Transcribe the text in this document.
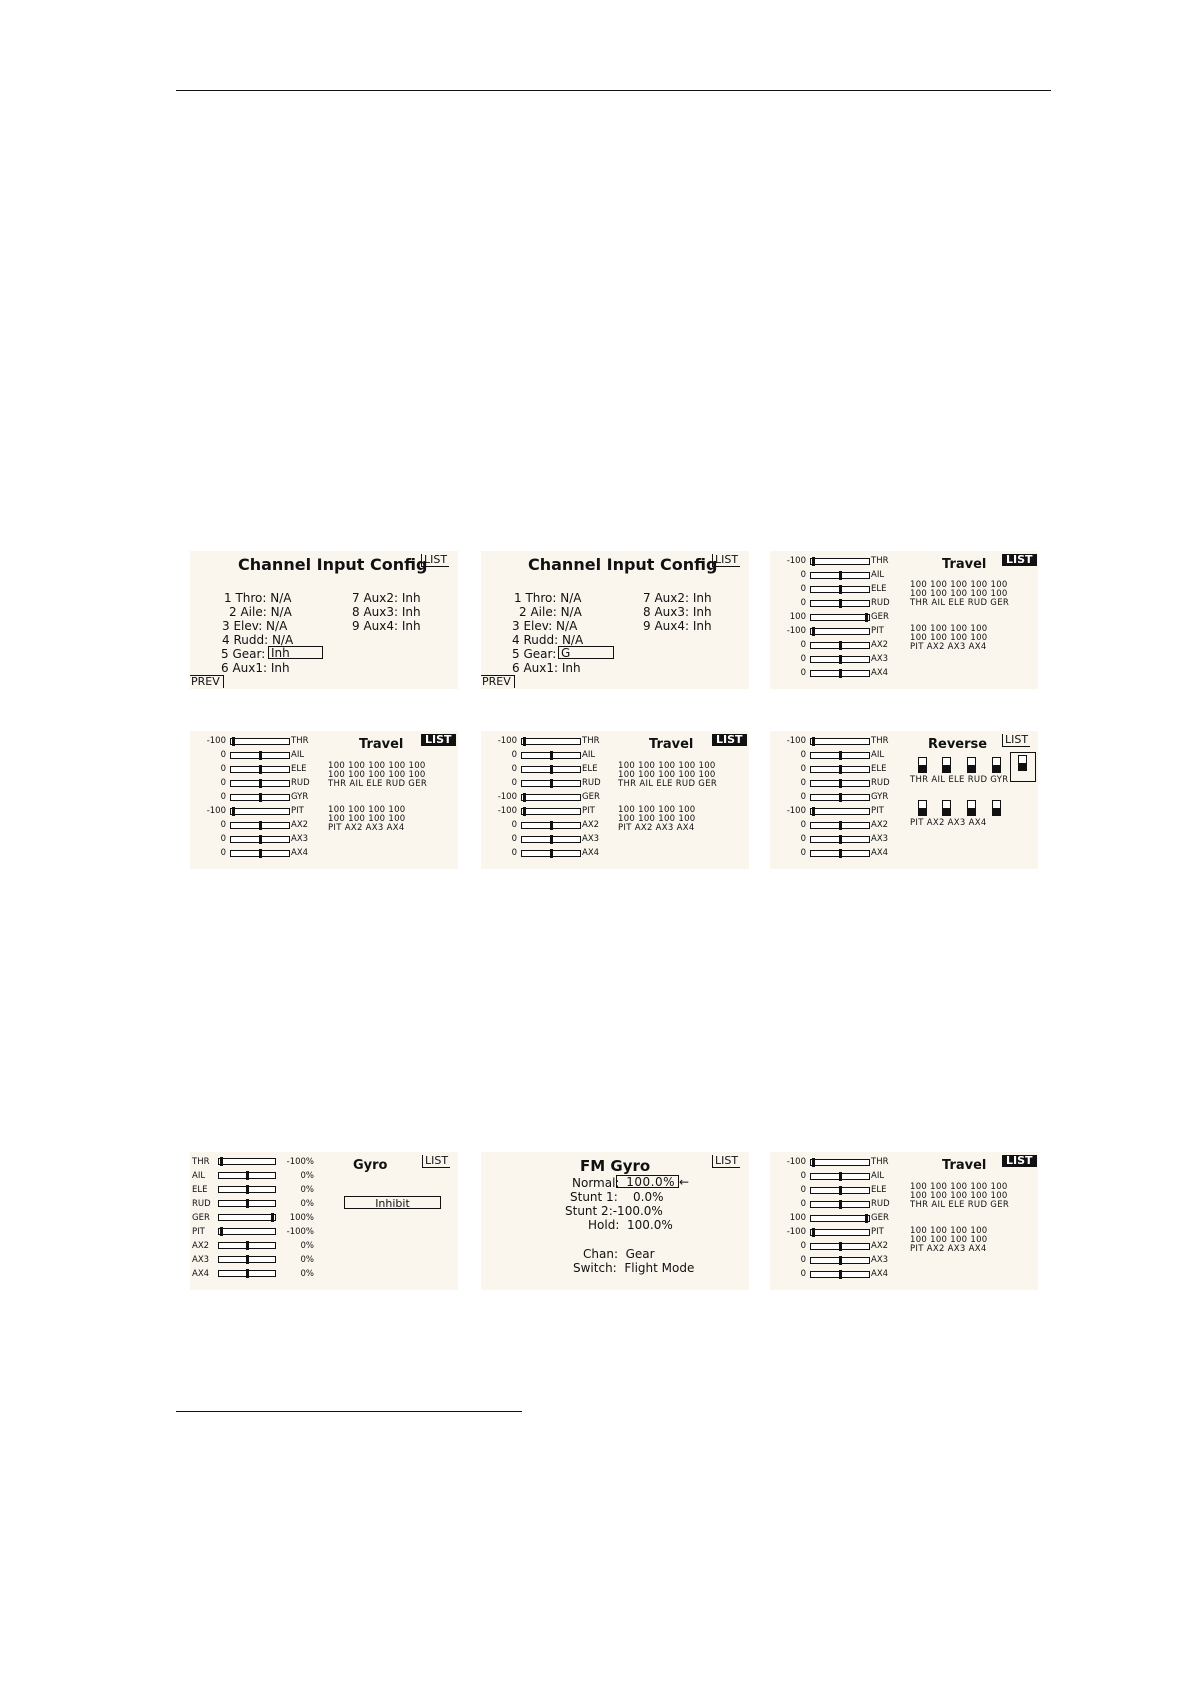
Channel Input Config
LIST
1 Thro: N/A
2 Aile: N/A
3 Elev: N/A
4 Rudd: N/A
5 Gear: Inh
6 Aux1: Inh
7 Aux2: Inh
8 Aux3: Inh
9 Aux4: Inh
PREV
Channel Input Config
LIST
1 Thro: N/A
2 Aile: N/A
3 Elev: N/A
4 Rudd: N/A
5 Gear: G
6 Aux1: Inh
7 Aux2: Inh
8 Aux3: Inh
9 Aux4: Inh
PREV
-100	THR
0	AIL
0	ELE
0	RUD
100	GER
-100	PIT
0	AX2
0	AX3
0	AX4
Travel	LIST
100 100 100 100 100
100 100 100 100 100
THR AIL ELE RUD GER
100 100 100 100
100 100 100 100
PIT AX2 AX3 AX4
-100	THR
0	AIL
0	ELE
0	RUD
0	GYR
-100	PIT
0	AX2
0	AX3
0	AX4
Travel	LIST
100 100 100 100 100
100 100 100 100 100
THR AIL ELE RUD GER
100 100 100 100
100 100 100 100
PIT AX2 AX3 AX4
-100	THR
0	AIL
0	ELE
0	RUD
-100	GER
-100	PIT
0	AX2
0	AX3
0	AX4
Travel	LIST
100 100 100 100 100
100 100 100 100 100
THR AIL ELE RUD GER
100 100 100 100
100 100 100 100
PIT AX2 AX3 AX4
-100	THR
0	AIL
0	ELE
0	RUD
0	GYR
-100	PIT
0	AX2
0	AX3
0	AX4
Reverse LIST
THR AIL ELE RUD GYR
PIT AX2 AX3 AX4
THR	-100%
AIL	0%
ELE	0%
RUD	0%
GER	100%
PIT	-100%
AX2	0%
AX3	0%
AX4	0%
Gyro	LIST
Inhibit
FM Gyro	LIST
Normal: 100.0% ←
Stunt 1:    0.0%
Stunt 2:-100.0%
Hold:  100.0%
Chan:  Gear
Switch:  Flight Mode
-100	THR
0	AIL
0	ELE
0	RUD
100	GER
-100	PIT
0	AX2
0	AX3
0	AX4
Travel	LIST
100 100 100 100 100
100 100 100 100 100
THR AIL ELE RUD GER
100 100 100 100
100 100 100 100
PIT AX2 AX3 AX4
